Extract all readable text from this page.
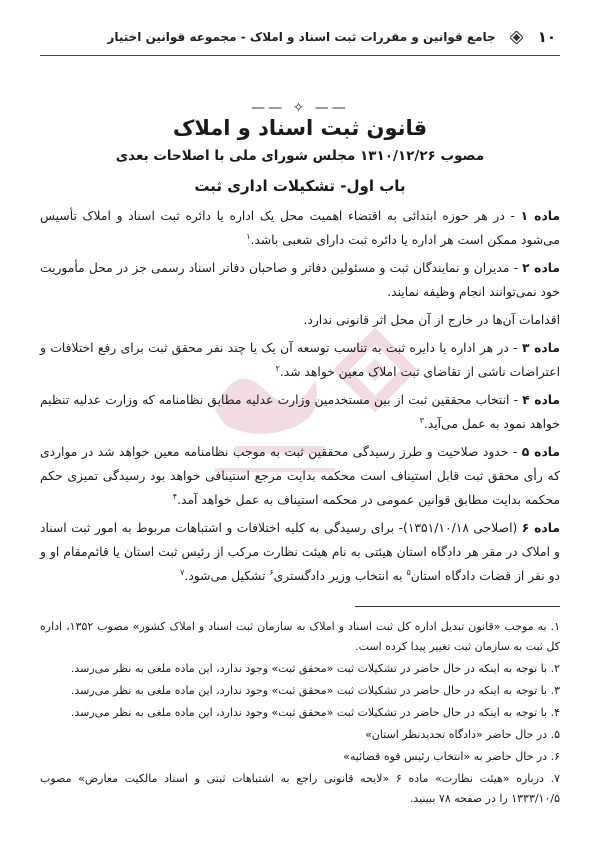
۱۰
جامع قوانین و مقررات ثبت اسناد و املاک - مجموعه قوانین اختیار
—— ✧ ——
قانون ثبت اسناد و املاک
مصوب ۱۳۱۰/۱۲/۲۶ مجلس شورای ملی با اصلاحات بعدی
باب اول- تشکیلات اداری ثبت

ماده ۱ - در هر حوزه ابتدائی به اقتضاء اهمیت محل یک اداره یا دائره ثبت اسناد و املاک تأسیس می‌شود ممکن است هر اداره یا دائره ثبت دارای شعبی باشد.$^۱$

ماده ۲ - مدیران و نمایندگان ثبت و مسئولین دفاتر و صاحبان دفاتر اسناد رسمی جز در محل مأموریت خود نمی‌توانند انجام وظیفه نمایند.

اقدامات آن‌ها در خارج از آن محل اثر قانونی ندارد.

ماده ۳ - در هر اداره یا دایره ثبت به تناسب توسعه آن یک یا چند نفر محقق ثبت برای رفع اختلافات و اعتراضات ناشی از تقاضای ثبت املاک معین خواهد شد.$^۲$

ماده ۴ - انتخاب محققین ثبت از بین مستخدمین وزارت عدلیه مطابق نظامنامه که وزارت عدلیه تنظیم خواهد نمود به عمل می‌آید.$^۳$

ماده ۵ - حدود صلاحیت و طرز رسیدگی محققین ثبت به موجب نظامنامه معین خواهد شد در مواردی که رأی محقق ثبت قابل استیناف است محکمه بدایت مرجع استینافی خواهد بود رسیدگی تمیزی حکم محکمه بدایت مطابق قوانین عمومی در محکمه استیناف به عمل خواهد آمد.$^۴$

ماده ۶ (اصلاحی ۱۳۵۱/۱۰/۱۸)- برای رسیدگی به کلیه اختلافات و اشتباهات مربوط به امور ثبت اسناد و املاک در مقر هر دادگاه استان هیئتی به نام هیئت نظارت مرکب از رئیس ثبت استان یا قائم‌مقام او و دو نفر از قضات دادگاه استان$^۵$ به انتخاب وزیر دادگستری$^۶$ تشکیل می‌شود.$^۷$

۱. به موجب «قانون تبدیل اداره کل ثبت اسناد و املاک به سازمان ثبت اسناد و املاک کشور» مصوب ۱۳۵۲، اداره کل ثبت به سازمان ثبت تغییر پیدا کرده است.

۲. با توجه به اینکه در حال حاضر در تشکیلات ثبت «محقق ثبت» وجود ندارد، این ماده ملغی به نظر می‌رسد.

۳. با توجه به اینکه در حال حاضر در تشکیلات ثبت «محقق ثبت» وجود ندارد، این ماده ملغی به نظر می‌رسد.

۴. با توجه به اینکه در حال حاضر در تشکیلات ثبت «محقق ثبت» وجود ندارد، این ماده ملغی به نظر می‌رسد.

۵. در حال حاضر «دادگاه تجدیدنظر استان»

۶. در حال حاضر به «انتخاب رئیس قوه قضائیه»

۷. درباره «هیئت نظارت» ماده ۶ «لایحه قانونی راجع به اشتباهات ثبتی و اسناد مالکیت معارض» مصوب ۱۳۳۳/۱۰/۵ را در صفحه ۷۸ ببینید.
